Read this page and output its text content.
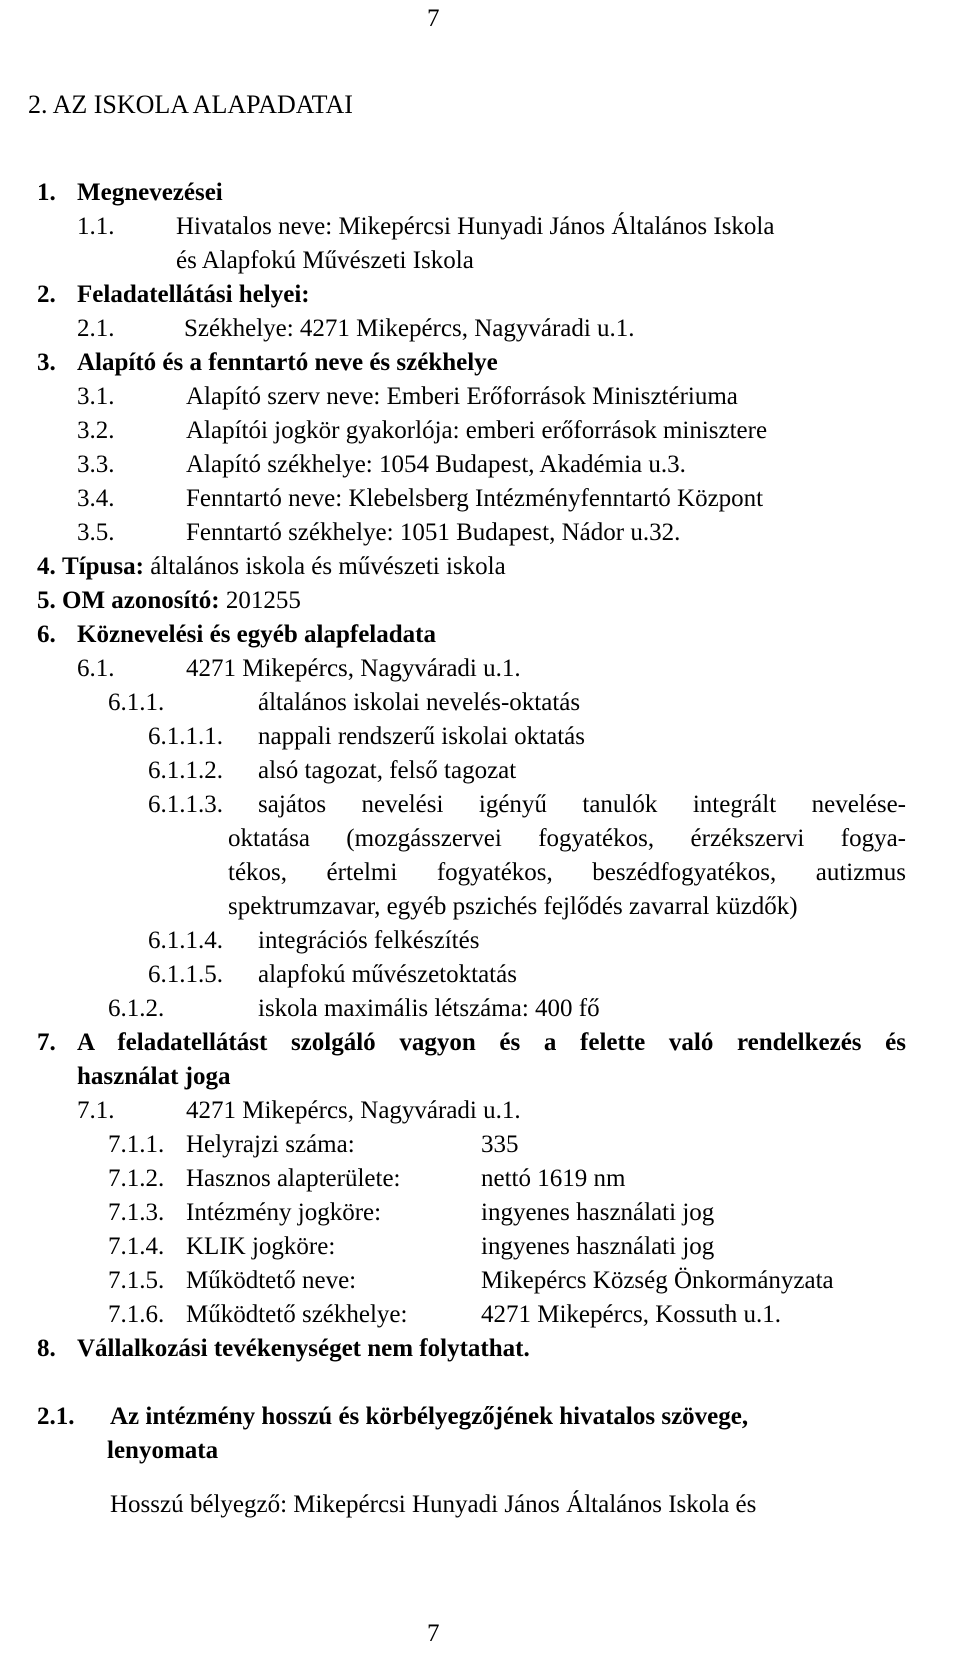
7
2. AZ ISKOLA ALAPADATAI
1. Megnevezései
1.1. Hivatalos neve: Mikepércsi Hunyadi János Általános Iskola
és Alapfokú Művészeti Iskola
2. Feladatellátási helyei:
2.1.	Székhelye: 4271 Mikepércs, Nagyváradi u.1.
3. Alapító és a fenntartó neve és székhelye
3.1.	Alapító szerv neve: Emberi Erőforrások Minisztériuma
3.2.	Alapítói jogkör gyakorlója: emberi erőforrások minisztere
3.3.	Alapító székhelye: 1054 Budapest, Akadémia u.3.
3.4.	Fenntartó neve: Klebelsberg Intézményfenntartó Központ
3.5.	Fenntartó székhelye: 1051 Budapest, Nádor u.32.
4. Típusa: általános iskola és művészeti iskola
5. OM azonosító: 201255
6. Köznevelési és egyéb alapfeladata
6.1.	4271 Mikepércs, Nagyváradi u.1.
6.1.1.	általános iskolai nevelés-oktatás
6.1.1.1. nappali rendszerű iskolai oktatás
6.1.1.2. alsó tagozat, felső tagozat
6.1.1.3. sajátos nevelési igényű tanulók integrált nevelése-
oktatása (mozgásszervei fogyatékos, érzékszervi fogya-
tékos, értelmi fogyatékos, beszédfogyatékos, autizmus
spektrumzavar, egyéb pszichés fejlődés zavarral küzdők)
6.1.1.4. integrációs felkészítés
6.1.1.5. alapfokú művészetoktatás
6.1.2.	iskola maximális létszáma: 400 fő
7. A feladatellátást szolgáló vagyon és a felette való rendelkezés és
használat joga
7.1.	4271 Mikepércs, Nagyváradi u.1.
7.1.1. Helyrajzi száma:	335
7.1.2. Hasznos alapterülete:	nettó 1619 nm
7.1.3. Intézmény jogköre:	ingyenes használati jog
7.1.4. KLIK jogköre:	ingyenes használati jog
7.1.5. Működtető neve:	Mikepércs Község Önkormányzata
7.1.6. Működtető székhelye:	4271 Mikepércs, Kossuth u.1.
8. Vállalkozási tevékenységet nem folytathat.
2.1. Az intézmény hosszú és körbélyegzőjének hivatalos szövege,
lenyomata
Hosszú bélyegző: Mikepércsi Hunyadi János Általános Iskola és
7
